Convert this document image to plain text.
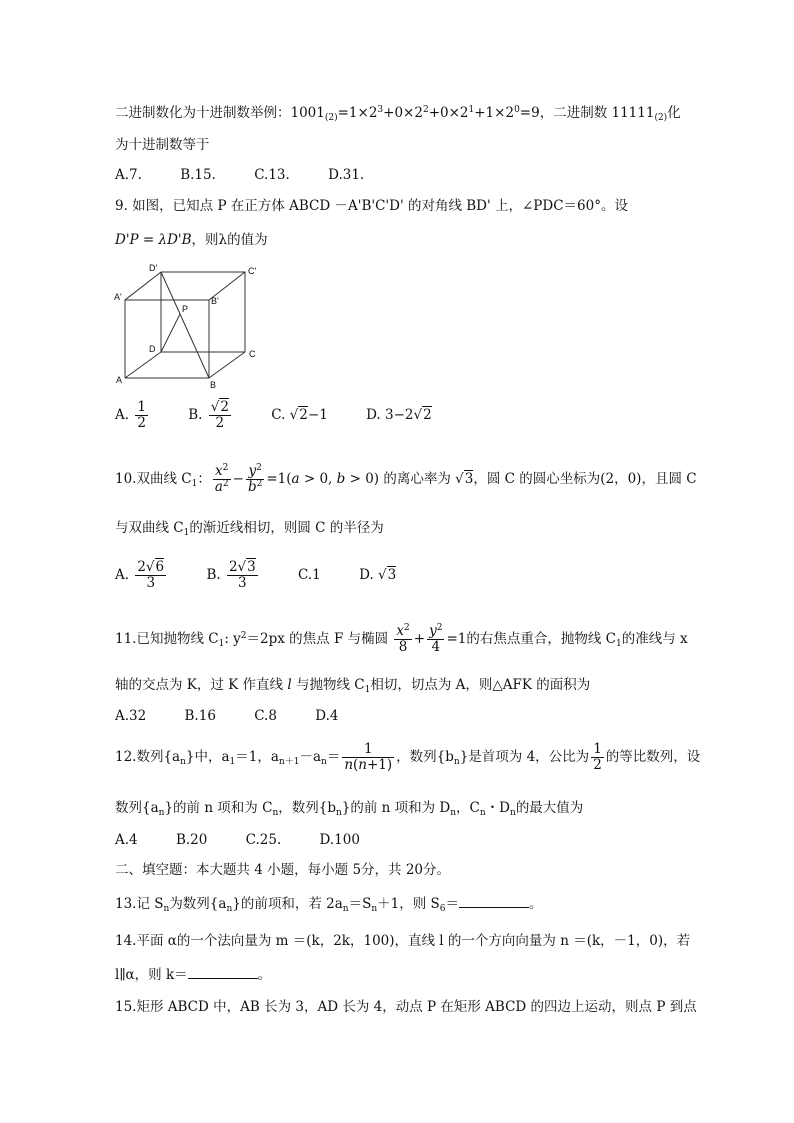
二进制数化为十进制数举例：$1001_{(2)}=1\times 2^3+0\times 2^2+0\times 2^1+1\times 2^0=9$，二进制数 $11111_{(2)}$化
为十进制数等于
A.7.	B.15.	C.13.	D.31.
9. 如图，已知点 P 在正方体 ABCD －A'B'C'D' 的对角线 BD' 上，∠PDC＝60°。设
D'P = λD'B，则λ的值为
D'	C'
A'	B'
P
D	C
A	B
A. $\frac{1}{2}$	B. $\frac{√2}{2}$	C. √2−1	D. 3−2√2
10.双曲线 $C_1$： $\frac{x^2}{a^2} - \frac{y^2}{b^2} =1(a > 0$, b > 0) 的离心率为 √3，圆 C 的圆心坐标为(2，0)，且圆 C
与双曲线 $C_1$的渐近线相切，则圆 C 的半径为
A. $\frac{2√6}{3}$	B. $\frac{2√3}{3}$	C.1	D. √3
11.已知抛物线 $C_1$: $y^2=2px$ 的焦点 F 与椭圆 $\frac{x^2}{8} + \frac{y^2}{4} =1$的右焦点重合，抛物线 $C_1$的准线与 x
轴的交点为 K，过 K 作直线 l 与抛物线 $C_1$相切，切点为 A，则△AFK 的面积为
A.32	B.16	C.8	D.4
12.数列$\{a_n\}$中，$a_1=1$，$a_{n+1}-a_n= \frac{1}{n(n+1)}$ ，数列$\{b_n\}$是首项为 4，公比为 $\frac{1}{2}$ 的等比数列，设
数列$\{a_n\}$的前 n 项和为 $C_n$，数列$\{b_n\}$的前 n 项和为 $D_n$，$C_n$・$D_n$的最大值为
A.4	B.20	C.25.	D.100
二、填空题：本大题共 4 小题，每小题 5分，共 20分。
13.记 $S_n$为数列$\{a_n\}$的前项和，若 $2a_n=S_n+1$，则 $S_6=$	。
14.平面 α的一个法向量为 m ＝(k，2k，100)，直线 l 的一个方向向量为 n ＝(k，－1，0)，若
l∥α，则 k＝	。
15.矩形 ABCD 中，AB 长为 3，AD 长为 4，动点 P 在矩形 ABCD 的四边上运动，则点 P 到点
